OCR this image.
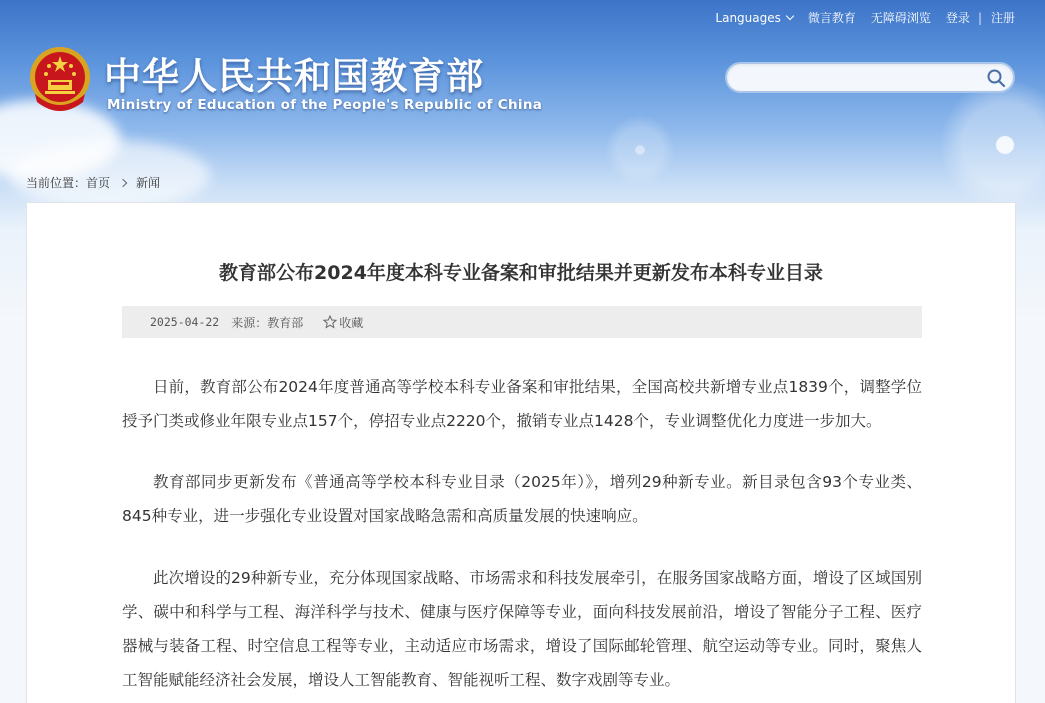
Languages 微言教育 无障碍浏览 登录 | 注册
中华人民共和国教育部
Ministry of Education of the People's Republic of China
当前位置： 首页 新闻
教育部公布2024年度本科专业备案和审批结果并更新发布本科专业目录
2025-04-22 来源：教育部	收藏

日前，教育部公布2024年度普通高等学校本科专业备案和审批结果，全国高校共新增专业点1839个，调整学位授予门类或修业年限专业点157个，停招专业点2220个，撤销专业点1428个，专业调整优化力度进一步加大。

教育部同步更新发布《普通高等学校本科专业目录（2025年）》，增列29种新专业。新目录包含93个专业类、845种专业，进一步强化专业设置对国家战略急需和高质量发展的快速响应。

此次增设的29种新专业，充分体现国家战略、市场需求和科技发展牵引，在服务国家战略方面，增设了区域国别学、碳中和科学与工程、海洋科学与技术、健康与医疗保障等专业，面向科技发展前沿，增设了智能分子工程、医疗器械与装备工程、时空信息工程等专业，主动适应市场需求，增设了国际邮轮管理、航空运动等专业。同时，聚焦人工智能赋能经济社会发展，增设人工智能教育、智能视听工程、数字戏剧等专业。
